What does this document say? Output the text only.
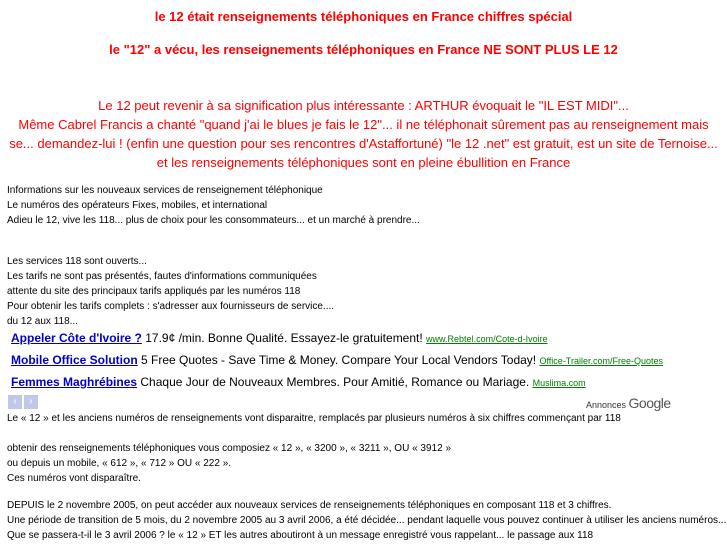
le 12 était renseignements téléphoniques en France chiffres spécial
le "12" a vécu, les renseignements téléphoniques en France NE SONT PLUS LE 12
Le 12 peut revenir à sa signification plus intéressante : ARTHUR évoquait le "IL EST MIDI"...
Même Cabrel Francis a chanté "quand j'ai le blues je fais le 12"... il ne téléphonait sûrement pas au renseignement mais
se... demandez-lui ! (enfin une question pour ses rencontres d'Astaffortuné) "le 12 .net" est gratuit, est un site de Ternoise...
et les renseignements téléphoniques sont en pleine ébullition en France
Informations sur les nouveaux services de renseignement téléphonique
Le numéros des opérateurs Fixes, mobiles, et international
Adieu le 12, vive les 118... plus de choix pour les consommateurs... et un marché à prendre...
Les services 118 sont ouverts...
Les tarifs ne sont pas présentés, fautes d'informations communiquées
attente du site des principaux tarifs appliqués par les numéros 118
Pour obtenir les tarifs complets : s'adresser aux fournisseurs de service....
du 12 aux 118...
Appeler Côte d'Ivoire ? 17.9¢ /min. Bonne Qualité. Essayez-le gratuitement! www.Rebtel.com/Cote-d-Ivoire
Mobile Office Solution 5 Free Quotes - Save Time & Money. Compare Your Local Vendors Today! Office-Trailer.com/Free-Quotes
Femmes Maghrébines Chaque Jour de Nouveaux Membres. Pour Amitié, Romance ou Mariage. Muslima.com
‹	›	Annonces Google
Le « 12 » et les anciens numéros de renseignements vont disparaitre, remplacés par plusieurs numéros à six chiffres commençant par 118
obtenir des renseignements téléphoniques vous composiez « 12 », « 3200 », « 3211 », OU « 3912 »
ou depuis un mobile, « 612 », « 712 » OU « 222 ».
Ces numéros vont disparaître.
DEPUIS le 2 novembre 2005, on peut accéder aux nouveaux services de renseignements téléphoniques en composant 118 et 3 chiffres.
Une période de transition de 5 mois, du 2 novembre 2005 au 3 avril 2006, a été décidée... pendant laquelle vous pouvez continuer à utiliser les anciens numéros...
Que se passera-t-il le 3 avril 2006 ? le « 12 » ET les autres aboutiront à un message enregistré vous rappelant... le passage aux 118
